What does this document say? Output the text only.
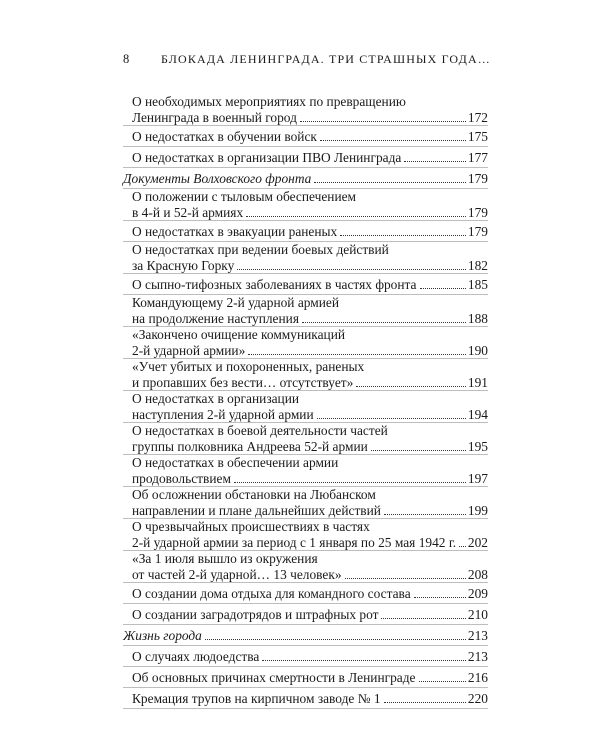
8	БЛОКАДА ЛЕНИНГРАДА. ТРИ СТРАШНЫХ ГОДА…
О необходимых мероприятиях по превращению
Ленинграда в военный город	172
О недостатках в обучении войск	175
О недостатках в организации ПВО Ленинграда	177
Документы Волховского фронта	179
О положении с тыловым обеспечением
в 4-й и 52-й армиях	179
О недостатках в эвакуации раненых	179
О недостатках при ведении боевых действий
за Красную Горку	182
О сыпно-тифозных заболеваниях в частях фронта	185
Командующему 2-й ударной армией
на продолжение наступления	188
«Закончено очищение коммуникаций
2-й ударной армии»	190
«Учет убитых и похороненных, раненых
и пропавших без вести… отсутствует»	191
О недостатках в организации
наступления 2-й ударной армии	194
О недостатках в боевой деятельности частей
группы полковника Андреева 52-й армии	195
О недостатках в обеспечении армии
продовольствием	197
Об осложнении обстановки на Любанском
направлении и плане дальнейших действий	199
О чрезвычайных происшествиях в частях
2-й ударной армии за период с 1 января по 25 мая 1942 г. 202
«За 1 июля вышло из окружения
от частей 2-й ударной… 13 человек»	208
О создании дома отдыха для командного состава	209
О создании заградотрядов и штрафных рот	210
Жизнь города	213
О случаях людоедства	213
Об основных причинах смертности в Ленинграде	216
Кремация трупов на кирпичном заводе № 1	220
